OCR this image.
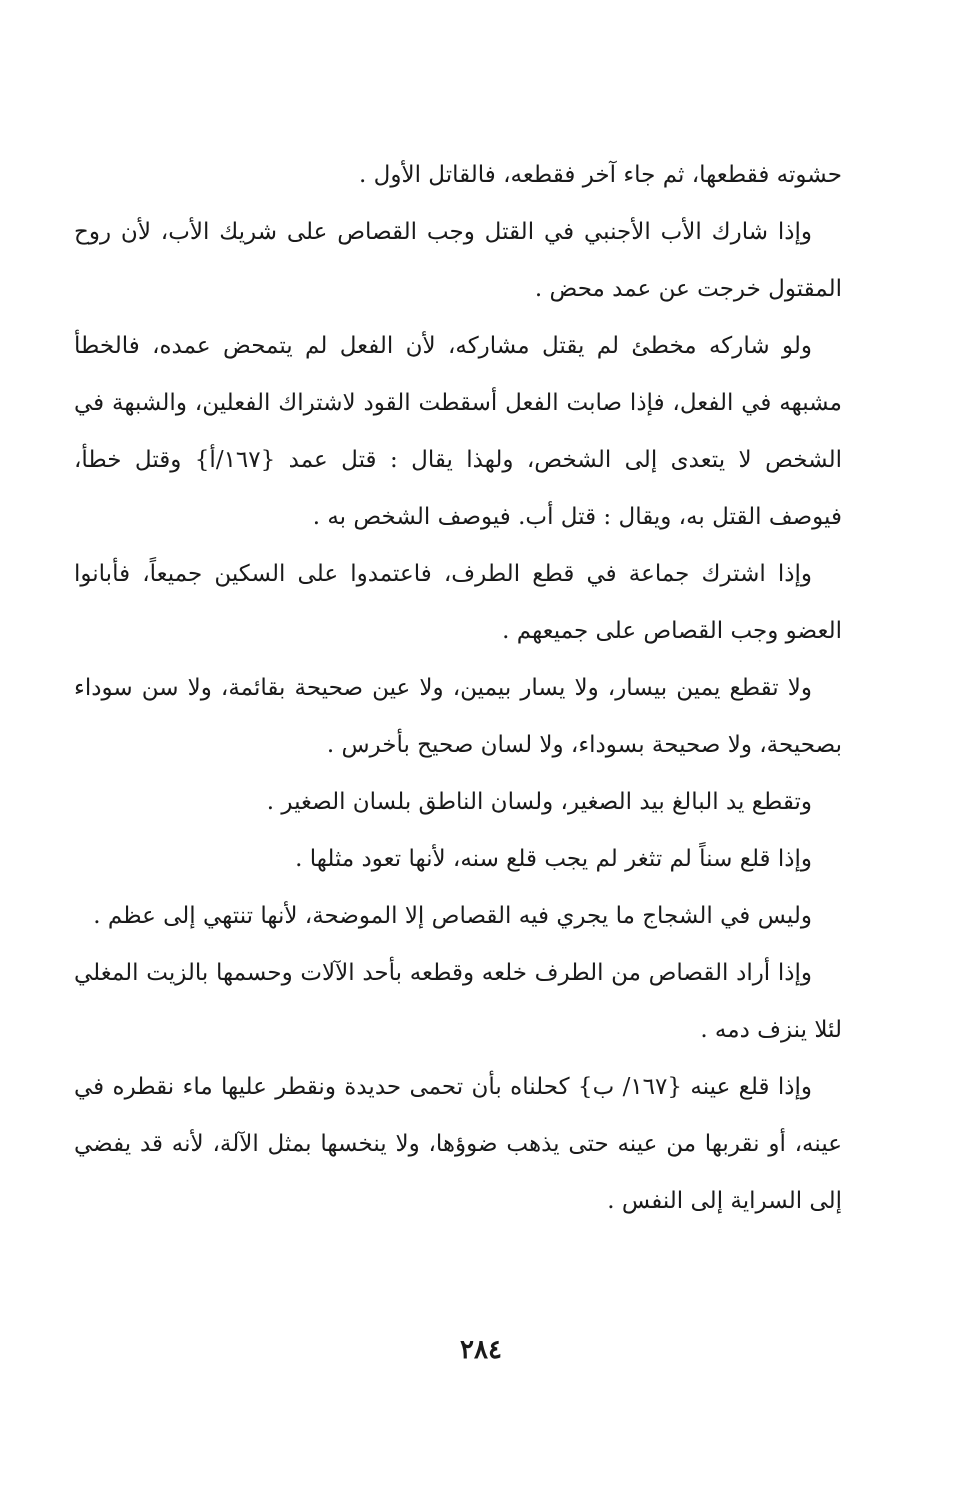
حشوته فقطعها، ثم جاء آخر فقطعه، فالقاتل الأول .

وإذا شارك الأب الأجنبي في القتل وجب القصاص على شريك الأب، لأن روح المقتول خرجت عن عمد محض .

ولو شاركه مخطئ لم يقتل مشاركه، لأن الفعل لم يتمحض عمده، فالخطأ مشبهه في الفعل، فإذا صابت الفعل أسقطت القود لاشتراك الفعلين، والشبهة في الشخص لا يتعدى إلى الشخص، ولهذا يقال : قتل عمد {١٦٧/أ} وقتل خطأ، فيوصف القتل به، ويقال : قتل أب. فيوصف الشخص به .

وإذا اشترك جماعة في قطع الطرف، فاعتمدوا على السكين جميعاً، فأبانوا العضو وجب القصاص على جميعهم .

ولا تقطع يمين بيسار، ولا يسار بيمين، ولا عين صحيحة بقائمة، ولا سن سوداء بصحيحة، ولا صحيحة بسوداء، ولا لسان صحيح بأخرس .

وتقطع يد البالغ بيد الصغير، ولسان الناطق بلسان الصغير .

وإذا قلع سناً لم تثغر لم يجب قلع سنه، لأنها تعود مثلها .

وليس في الشجاج ما يجري فيه القصاص إلا الموضحة، لأنها تنتهي إلى عظم .

وإذا أراد القصاص من الطرف خلعه وقطعه بأحد الآلات وحسمها بالزيت المغلي لئلا ينزف دمه .

وإذا قلع عينه {١٦٧/ ب} كحلناه بأن تحمى حديدة ونقطر عليها ماء نقطره في عينه، أو نقربها من عينه حتى يذهب ضوؤها، ولا ينخسها بمثل الآلة، لأنه قد يفضي إلى السراية إلى النفس .

٢٨٤
